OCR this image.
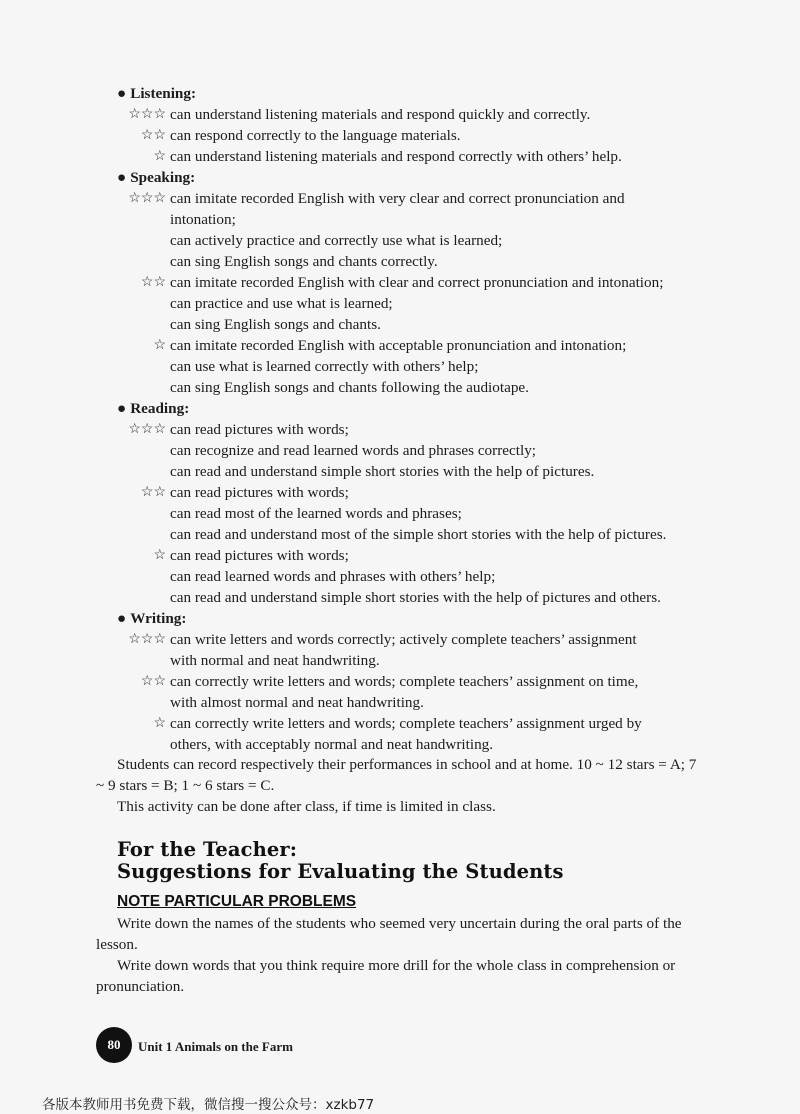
● Listening:
☆☆☆ can understand listening materials and respond quickly and correctly.
☆☆ can respond correctly to the language materials.
☆ can understand listening materials and respond correctly with others’ help.
● Speaking:
☆☆☆ can imitate recorded English with very clear and correct pronunciation and
intonation;
can actively practice and correctly use what is learned;
can sing English songs and chants correctly.
☆☆ can imitate recorded English with clear and correct pronunciation and intonation;
can practice and use what is learned;
can sing English songs and chants.
☆ can imitate recorded English with acceptable pronunciation and intonation;
can use what is learned correctly with others’ help;
can sing English songs and chants following the audiotape.
● Reading:
☆☆☆ can read pictures with words;
can recognize and read learned words and phrases correctly;
can read and understand simple short stories with the help of pictures.
☆☆ can read pictures with words;
can read most of the learned words and phrases;
can read and understand most of the simple short stories with the help of pictures.
☆ can read pictures with words;
can read learned words and phrases with others’ help;
can read and understand simple short stories with the help of pictures and others.
● Writing:
☆☆☆ can write letters and words correctly; actively complete teachers’ assignment
with normal and neat handwriting.
☆☆ can correctly write letters and words; complete teachers’ assignment on time,
with almost normal and neat handwriting.
☆ can correctly write letters and words; complete teachers’ assignment urged by
others, with acceptably normal and neat handwriting.
Students can record respectively their performances in school and at home. 10 ~ 12 stars = A; 7 ~ 9 stars = B; 1 ~ 6 stars = C.
This activity can be done after class, if time is limited in class.
For the Teacher:
Suggestions for Evaluating the Students
NOTE PARTICULAR PROBLEMS
Write down the names of the students who seemed very uncertain during the oral parts of the lesson.
Write down words that you think require more drill for the whole class in comprehension or pronunciation.
80 Unit 1 Animals on the Farm
各版本教师用书免费下载，微信搜一搜公众号：xzkb77
